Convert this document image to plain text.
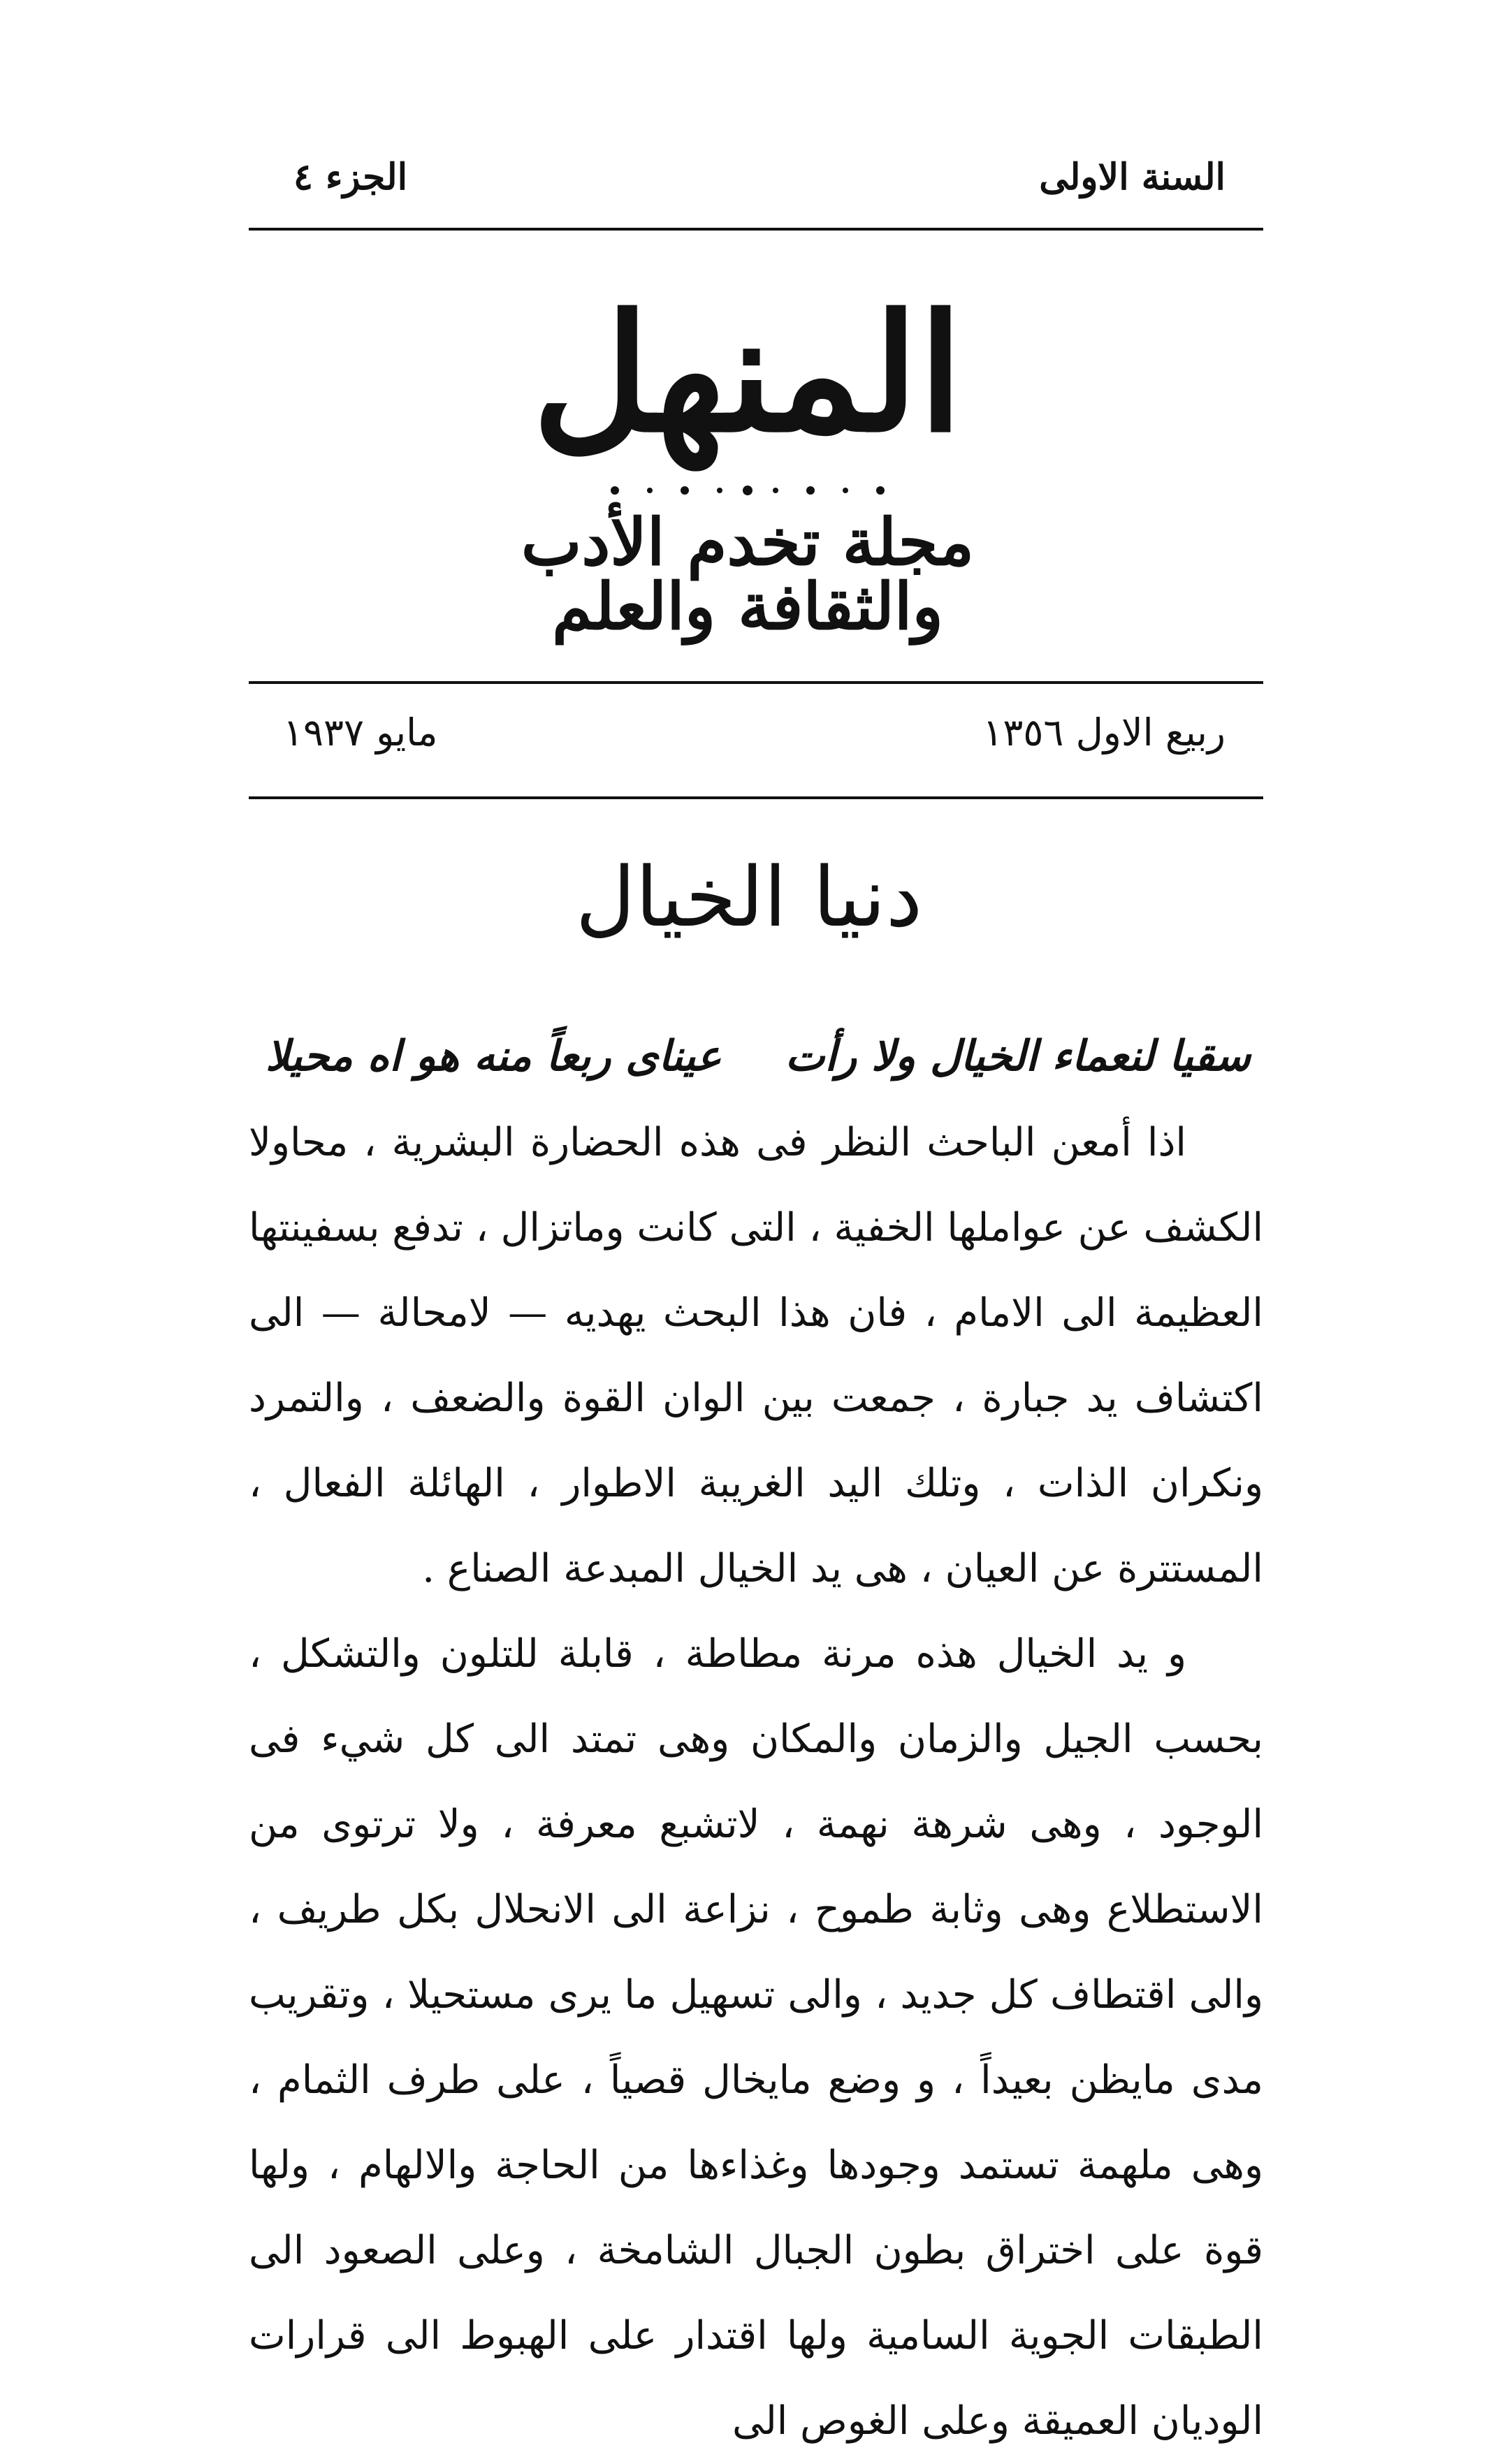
السنة الاولى
الجزء ٤
المنهل
مجلة تخدم الأدب والثقافة والعلم
ربيع الاول ١٣٥٦
مايو ١٩٣٧
دنيا الخيال
سقيا لنعماء الخيال ولا رأت
عيناى ربعاً منه هو اه محيلا

اذا أمعن الباحث النظر فى هذه الحضارة البشرية ، محاولا الكشف عن عواملها الخفية ، التى كانت وماتزال ، تدفع بسفينتها العظيمة الى الامام ، فان هذا البحث يهديه — لامحالة — الى اكتشاف يد جبارة ، جمعت بين الوان القوة والضعف ، والتمرد ونكران الذات ، وتلك اليد الغريبة الاطوار ، الهائلة الفعال ، المستترة عن العيان ، هى يد الخيال المبدعة الصناع .

و يد الخيال هذه مرنة مطاطة ، قابلة للتلون والتشكل ، بحسب الجيل والزمان والمكان وهى تمتد الى كل شيء فى الوجود ، وهى شرهة نهمة ، لاتشبع معرفة ، ولا ترتوى من الاستطلاع وهى وثابة طموح ، نزاعة الى الانحلال بكل طريف ، والى اقتطاف كل جديد ، والى تسهيل ما يرى مستحيلا ، وتقريب مدى مايظن بعيداً ، و وضع مايخال قصياً ، على طرف الثمام ، وهى ملهمة تستمد وجودها وغذاءها من الحاجة والالهام ، ولها قوة على اختراق بطون الجبال الشامخة ، وعلى الصعود الى الطبقات الجوية السامية ولها اقتدار على الهبوط الى قرارات الوديان العميقة وعلى الغوص الى
